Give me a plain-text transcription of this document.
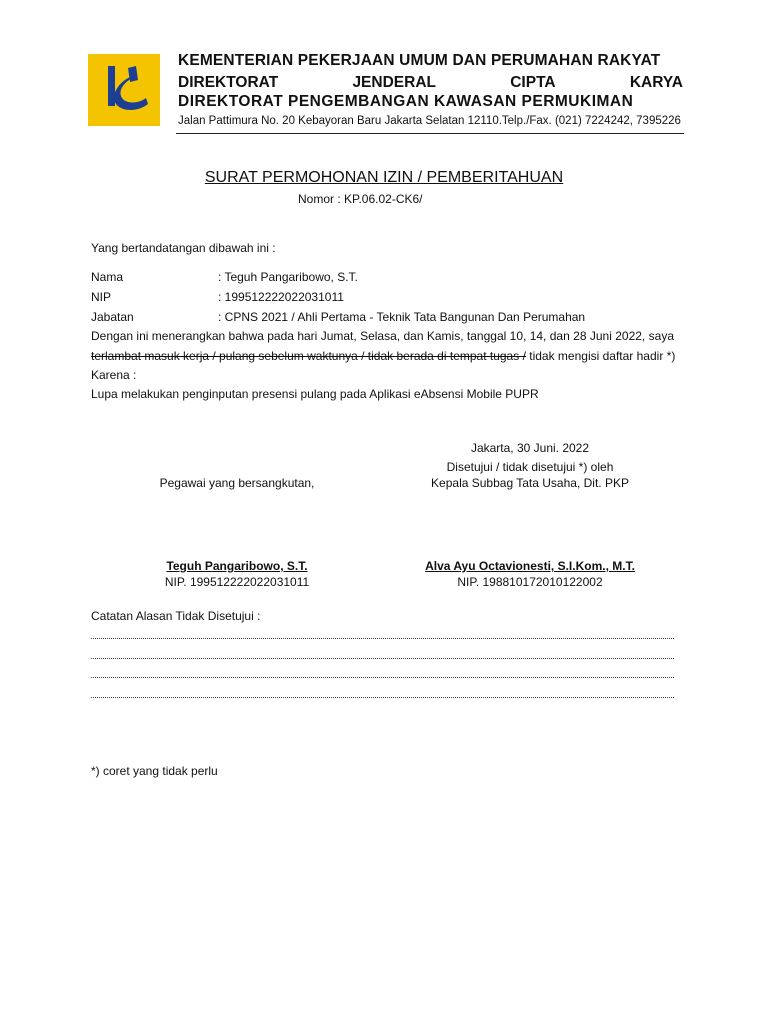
KEMENTERIAN PEKERJAAN UMUM DAN PERUMAHAN RAKYAT
DIREKTORAT	JENDERAL	CIPTA	KARYA
DIREKTORAT PENGEMBANGAN KAWASAN PERMUKIMAN
Jalan Pattimura No. 20 Kebayoran Baru Jakarta Selatan 12110.Telp./Fax. (021) 7224242, 7395226
SURAT PERMOHONAN IZIN / PEMBERITAHUAN
Nomor : KP.06.02-CK6/
Yang bertandatangan dibawah ini :
Nama	: Teguh Pangaribowo, S.T.
NIP	: 199512222022031011
Jabatan	: CPNS 2021 / Ahli Pertama - Teknik Tata Bangunan Dan Perumahan
Dengan ini menerangkan bahwa pada hari Jumat, Selasa, dan Kamis, tanggal 10, 14, dan 28 Juni 2022, saya
terlambat masuk kerja / pulang sebelum waktunya / tidak berada di tempat tugas / tidak mengisi daftar hadir *)
Karena :
Lupa melakukan penginputan presensi pulang pada Aplikasi eAbsensi Mobile PUPR
Jakarta, 30 Juni. 2022
Disetujui / tidak disetujui *) oleh
Kepala Subbag Tata Usaha, Dit. PKP
Pegawai yang bersangkutan,
Teguh Pangaribowo, S.T.
NIP. 199512222022031011
Alva Ayu Octavionesti, S.I.Kom., M.T.
NIP. 198810172010122002
Catatan Alasan Tidak Disetujui :
*) coret yang tidak perlu
